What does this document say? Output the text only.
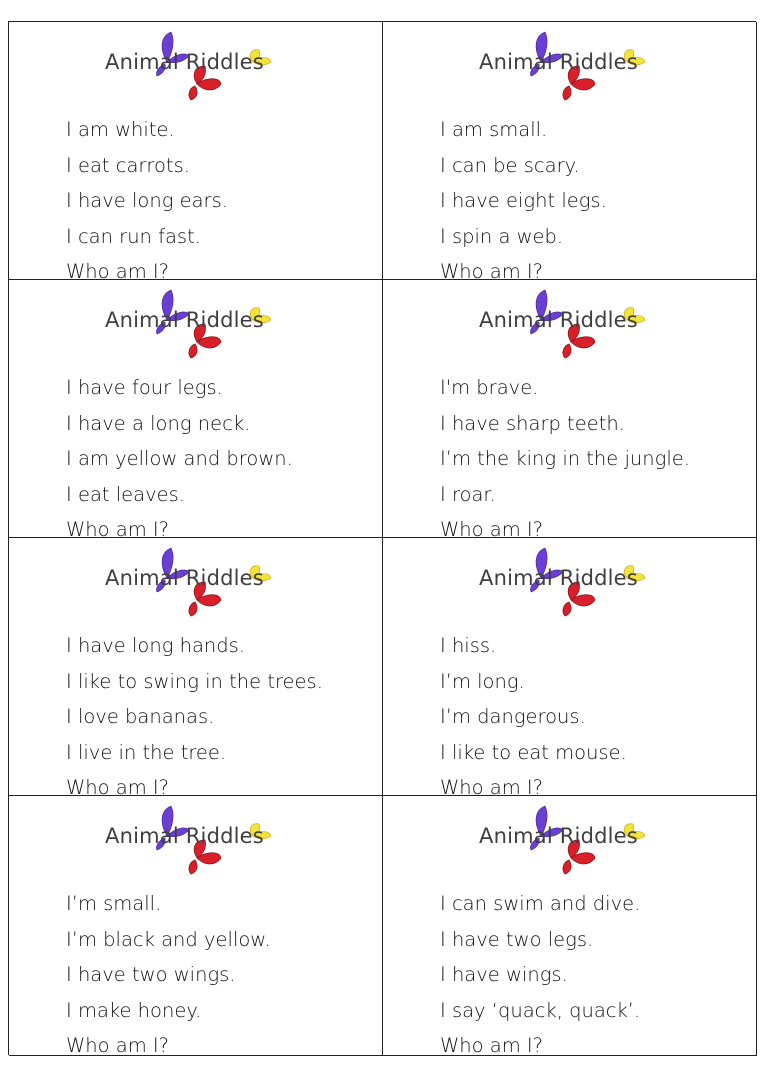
Animal Riddles
I am white.
I eat carrots.
I have long ears.
I can run fast.
Who am I?
Animal Riddles
I am small.
I can be scary.
I have eight legs.
I spin a web.
Who am I?
Animal Riddles
I have four legs.
I have a long neck.
I am yellow and brown.
I eat leaves.
Who am I?
Animal Riddles
I'm brave.
I have sharp teeth.
I’m the king in the jungle.
I roar.
Who am I?
Animal Riddles
I have long hands.
I like to swing in the trees.
I love bananas.
I live in the tree.
Who am I?
Animal Riddles
I hiss.
I’m long.
I’m dangerous.
I like to eat mouse.
Who am I?
Animal Riddles
I’m small.
I’m black and yellow.
I have two wings.
I make honey.
Who am I?
Animal Riddles
I can swim and dive.
I have two legs.
I have wings.
I say ‘quack, quack’.
Who am I?
